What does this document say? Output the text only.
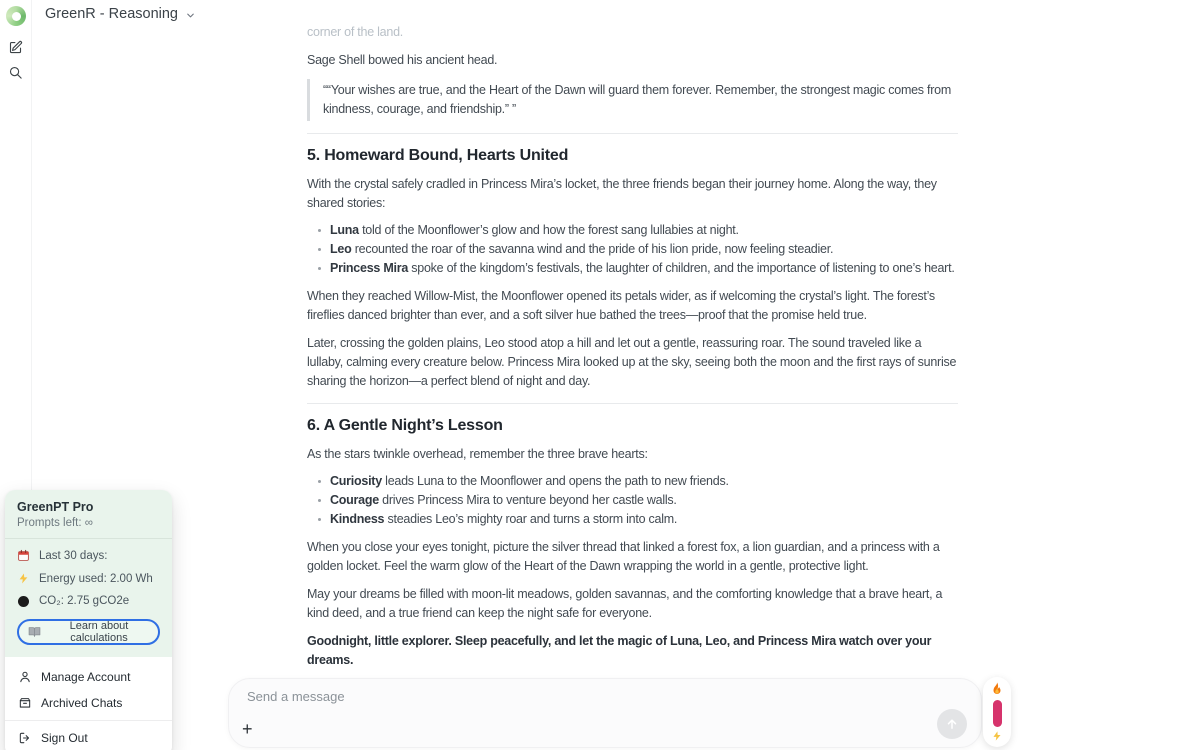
GreenR - Reasoning

corner of the land.

Sage Shell bowed his ancient head.

““Your wishes are true, and the Heart of the Dawn will guard them forever. Remember, the strongest magic comes from kindness, courage, and friendship.” ”
5. Homeward Bound, Hearts United

With the crystal safely cradled in Princess Mira’s locket, the three friends began their journey home. Along the way, they shared stories:

Luna told of the Moonflower’s glow and how the forest sang lullabies at night.
Leo recounted the roar of the savanna wind and the pride of his lion pride, now feeling steadier.
Princess Mira spoke of the kingdom’s festivals, the laughter of children, and the importance of listening to one’s heart.

When they reached Willow-Mist, the Moonflower opened its petals wider, as if welcoming the crystal’s light. The forest’s fireflies danced brighter than ever, and a soft silver hue bathed the trees—proof that the promise held true.

Later, crossing the golden plains, Leo stood atop a hill and let out a gentle, reassuring roar. The sound traveled like a lullaby, calming every creature below. Princess Mira looked up at the sky, seeing both the moon and the first rays of sunrise sharing the horizon—a perfect blend of night and day.

6. A Gentle Night’s Lesson

As the stars twinkle overhead, remember the three brave hearts:

Curiosity leads Luna to the Moonflower and opens the path to new friends.
Courage drives Princess Mira to venture beyond her castle walls.
Kindness steadies Leo’s mighty roar and turns a storm into calm.

When you close your eyes tonight, picture the silver thread that linked a forest fox, a lion guardian, and a princess with a golden locket. Feel the warm glow of the Heart of the Dawn wrapping the world in a gentle, protective light.

May your dreams be filled with moon-lit meadows, golden savannas, and the comforting knowledge that a brave heart, a kind deed, and a true friend can keep the night safe for everyone.

Goodnight, little explorer. Sleep peacefully, and let the magic of Luna, Leo, and Princess Mira watch over your dreams.

GreenPT Pro
Prompts left: ∞
Last 30 days:
Energy used: 2.00 Wh
CO₂: 2.75 gCO2e
Learn about calculations
Manage Account
Archived Chats
Sign Out
Send a message	+
